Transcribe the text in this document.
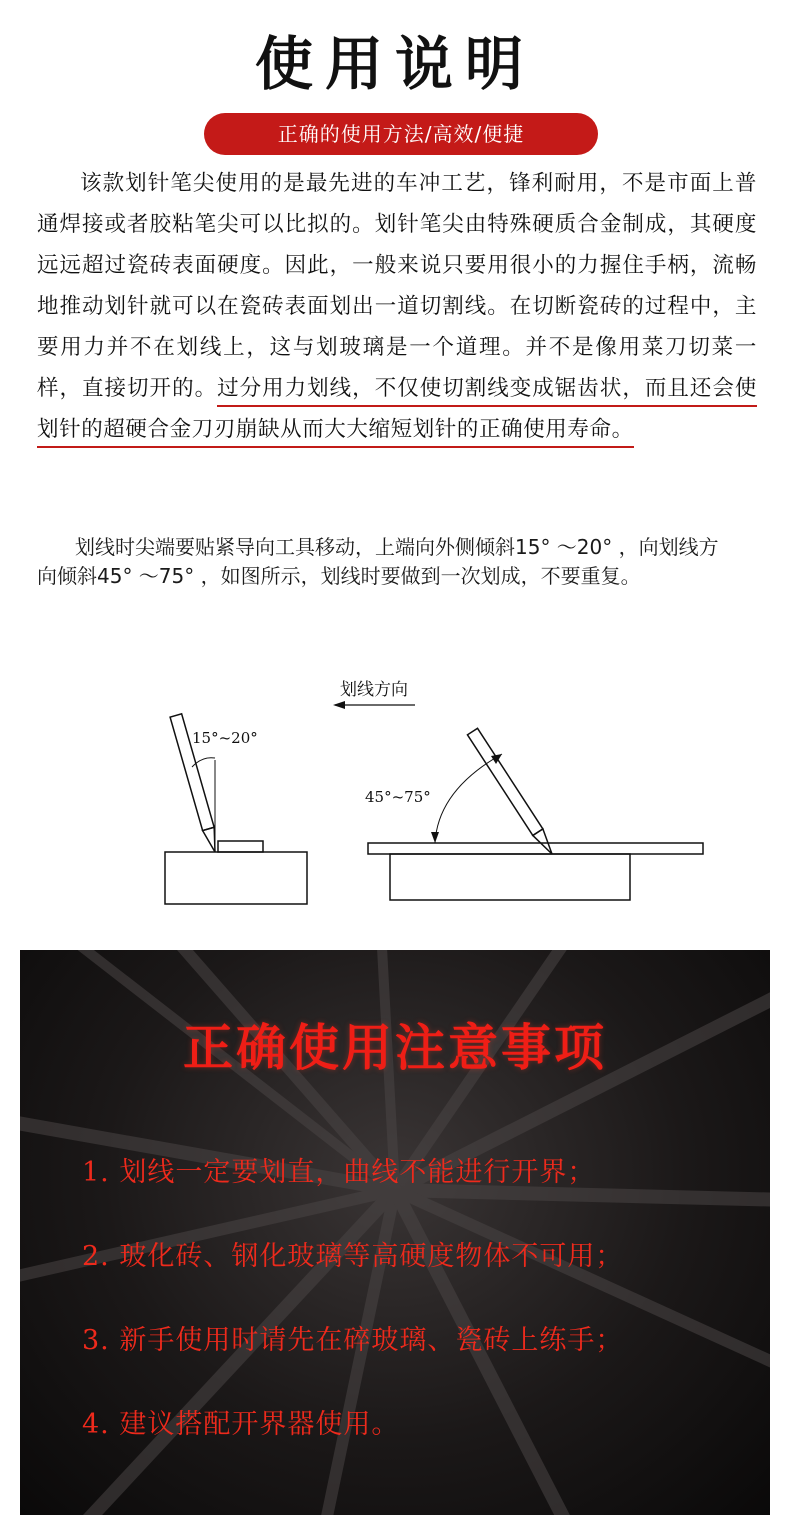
使用说明
正确的使用方法/高效/便捷

该款划针笔尖使用的是最先进的车冲工艺，锋利耐用，不是市面上普通焊接或者胶粘笔尖可以比拟的。划针笔尖由特殊硬质合金制成，其硬度远远超过瓷砖表面硬度。因此，一般来说只要用很小的力握住手柄，流畅地推动划针就可以在瓷砖表面划出一道切割线。在切断瓷砖的过程中，主要用力并不在划线上，这与划玻璃是一个道理。并不是像用菜刀切菜一样，直接切开的。过分用力划线，不仅使切割线变成锯齿状，而且还会使划针的超硬合金刀刃崩缺从而大大缩短划针的正确使用寿命。

划线时尖端要贴紧导向工具移动，上端向外侧倾斜15° ～20° ，向划线方向倾斜45° ～75° ，如图所示，划线时要做到一次划成，不要重复。

划线方向
15°~20°
45°~75°
正确使用注意事项
1. 划线一定要划直，曲线不能进行开界；
2. 玻化砖、钢化玻璃等高硬度物体不可用；
3. 新手使用时请先在碎玻璃、瓷砖上练手；
4. 建议搭配开界器使用。
